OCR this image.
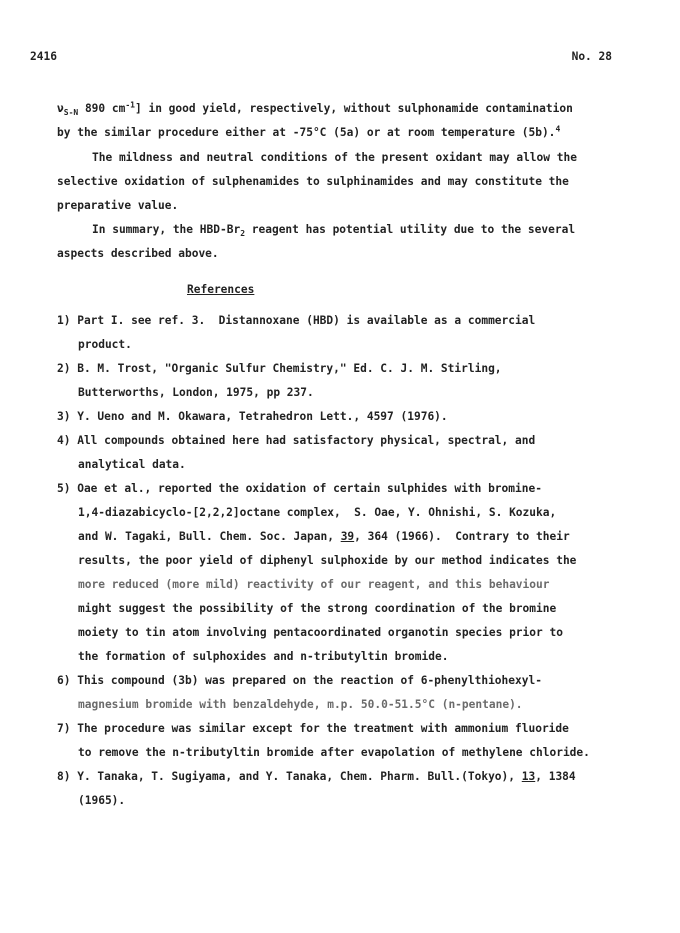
2416	No. 28
$\nu_{S-N}$ 890 $cm^{-1}$] in good yield, respectively, without sulphonamide contamination
by the similar procedure either at -75°C (5a) or at room temperature (5b).$^4$
The mildness and neutral conditions of the present oxidant may allow the
selective oxidation of sulphenamides to sulphinamides and may constitute the
preparative value.
In summary, the HBD-$Br_2$ reagent has potential utility due to the several
aspects described above.
References
1) Part I. see ref. 3.  Distannoxane (HBD) is available as a commercial
product.
2) B. M. Trost, "Organic Sulfur Chemistry," Ed. C. J. M. Stirling,
Butterworths, London, 1975, pp 237.
3) Y. Ueno and M. Okawara, Tetrahedron Lett., 4597 (1976).
4) All compounds obtained here had satisfactory physical, spectral, and
analytical data.
5) Oae et al., reported the oxidation of certain sulphides with bromine-
1,4-diazabicyclo-[2,2,2]octane complex,  S. Oae, Y. Ohnishi, S. Kozuka,
and W. Tagaki, Bull. Chem. Soc. Japan, 39, 364 (1966).  Contrary to their
results, the poor yield of diphenyl sulphoxide by our method indicates the
more reduced (more mild) reactivity of our reagent, and this behaviour
might suggest the possibility of the strong coordination of the bromine
moiety to tin atom involving pentacoordinated organotin species prior to
the formation of sulphoxides and n-tributyltin bromide.
6) This compound (3b) was prepared on the reaction of 6-phenylthiohexyl-
magnesium bromide with benzaldehyde, m.p. 50.0-51.5°C (n-pentane).
7) The procedure was similar except for the treatment with ammonium fluoride
to remove the n-tributyltin bromide after evapolation of methylene chloride.
8) Y. Tanaka, T. Sugiyama, and Y. Tanaka, Chem. Pharm. Bull.(Tokyo), 13, 1384
(1965).
